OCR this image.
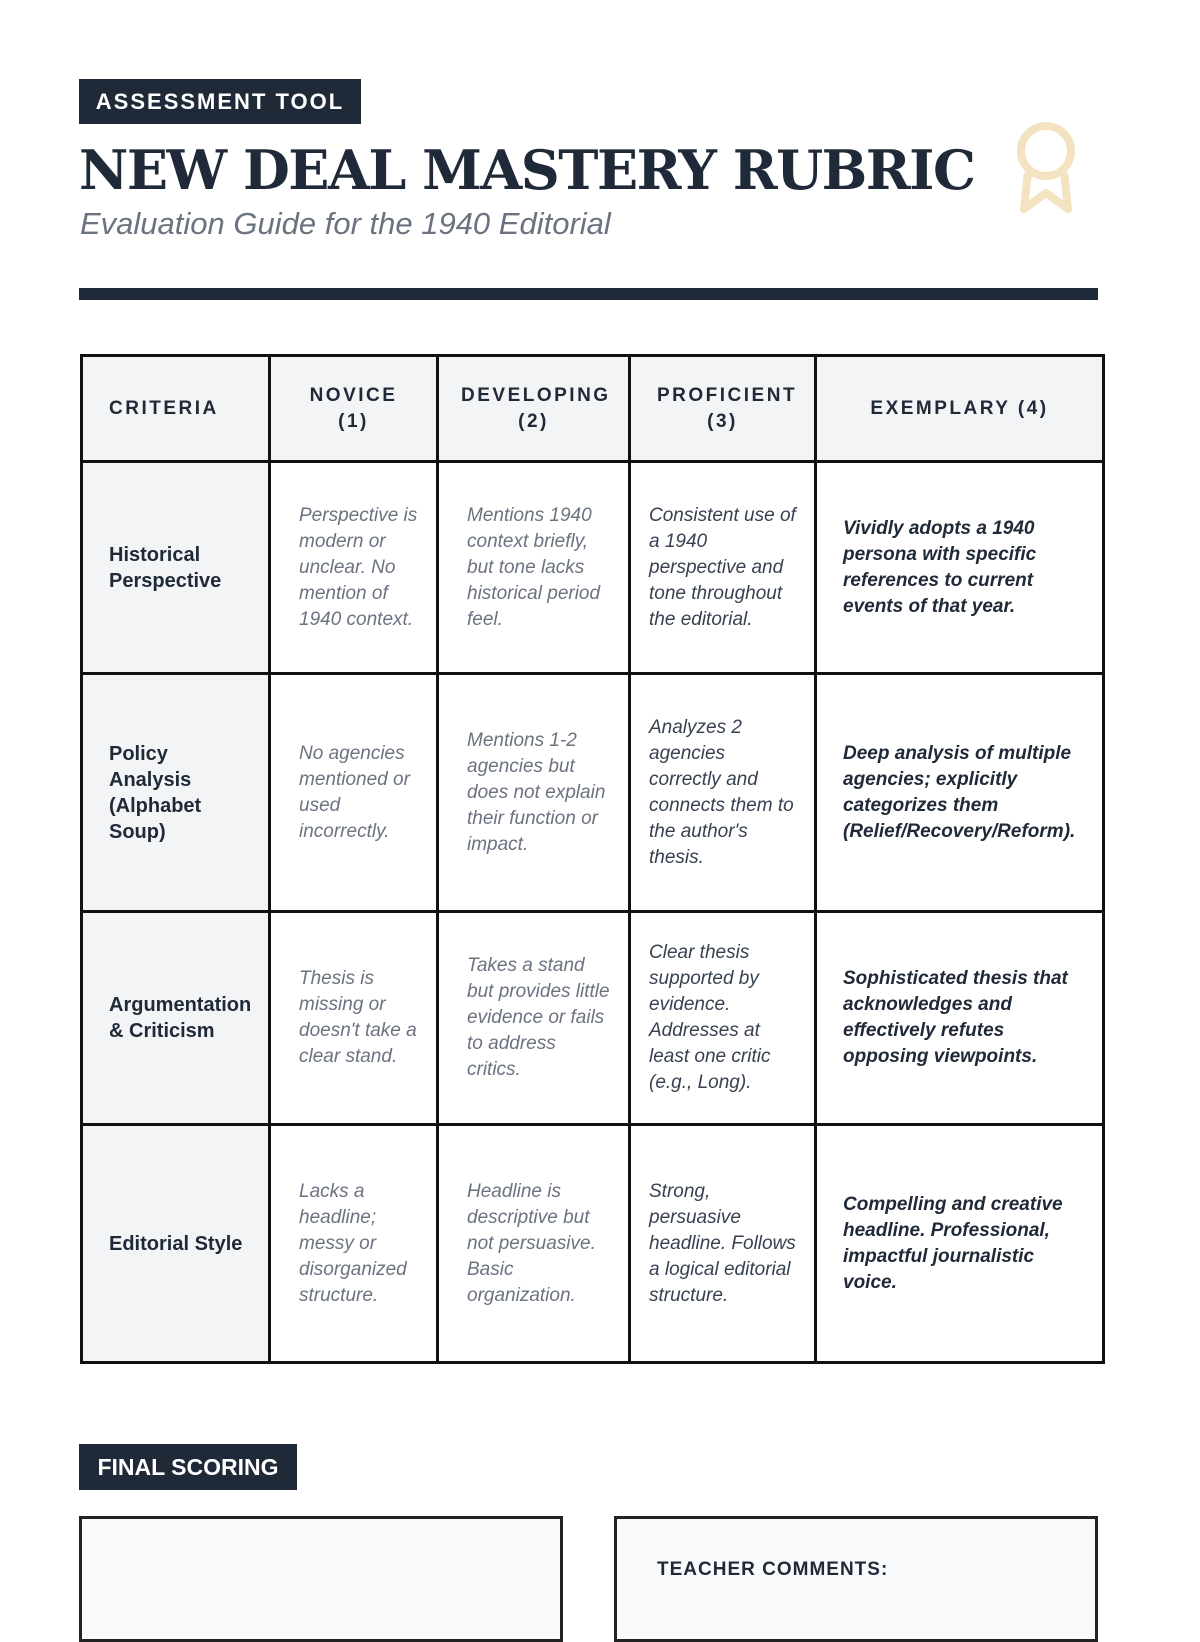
ASSESSMENT TOOL
NEW DEAL MASTERY RUBRIC
Evaluation Guide for the 1940 Editorial
CRITERIA	NOVICE (1)	DEVELOPING (2)	PROFICIENT (3)	EXEMPLARY (4)
Historical Perspective	Perspective is modern or unclear. No mention of 1940 context.	Mentions 1940 context briefly, but tone lacks historical period feel.	Consistent use of a 1940 perspective and tone throughout the editorial.	Vividly adopts a 1940 persona with specific references to current events of that year.
Policy Analysis (Alphabet Soup)	No agencies mentioned or used incorrectly.	Mentions 1-2 agencies but does not explain their function or impact.	Analyzes 2 agencies correctly and connects them to the author's thesis.	Deep analysis of multiple agencies; explicitly categorizes them (Relief/Recovery/Reform).
Argumentation & Criticism	Thesis is missing or doesn't take a clear stand.	Takes a stand but provides little evidence or fails to address critics.	Clear thesis supported by evidence. Addresses at least one critic (e.g., Long).	Sophisticated thesis that acknowledges and effectively refutes opposing viewpoints.
Editorial Style	Lacks a headline; messy or disorganized structure.	Headline is descriptive but not persuasive. Basic organization.	Strong, persuasive headline. Follows a logical editorial structure.	Compelling and creative headline. Professional, impactful journalistic voice.
FINAL SCORING
TEACHER COMMENTS:
